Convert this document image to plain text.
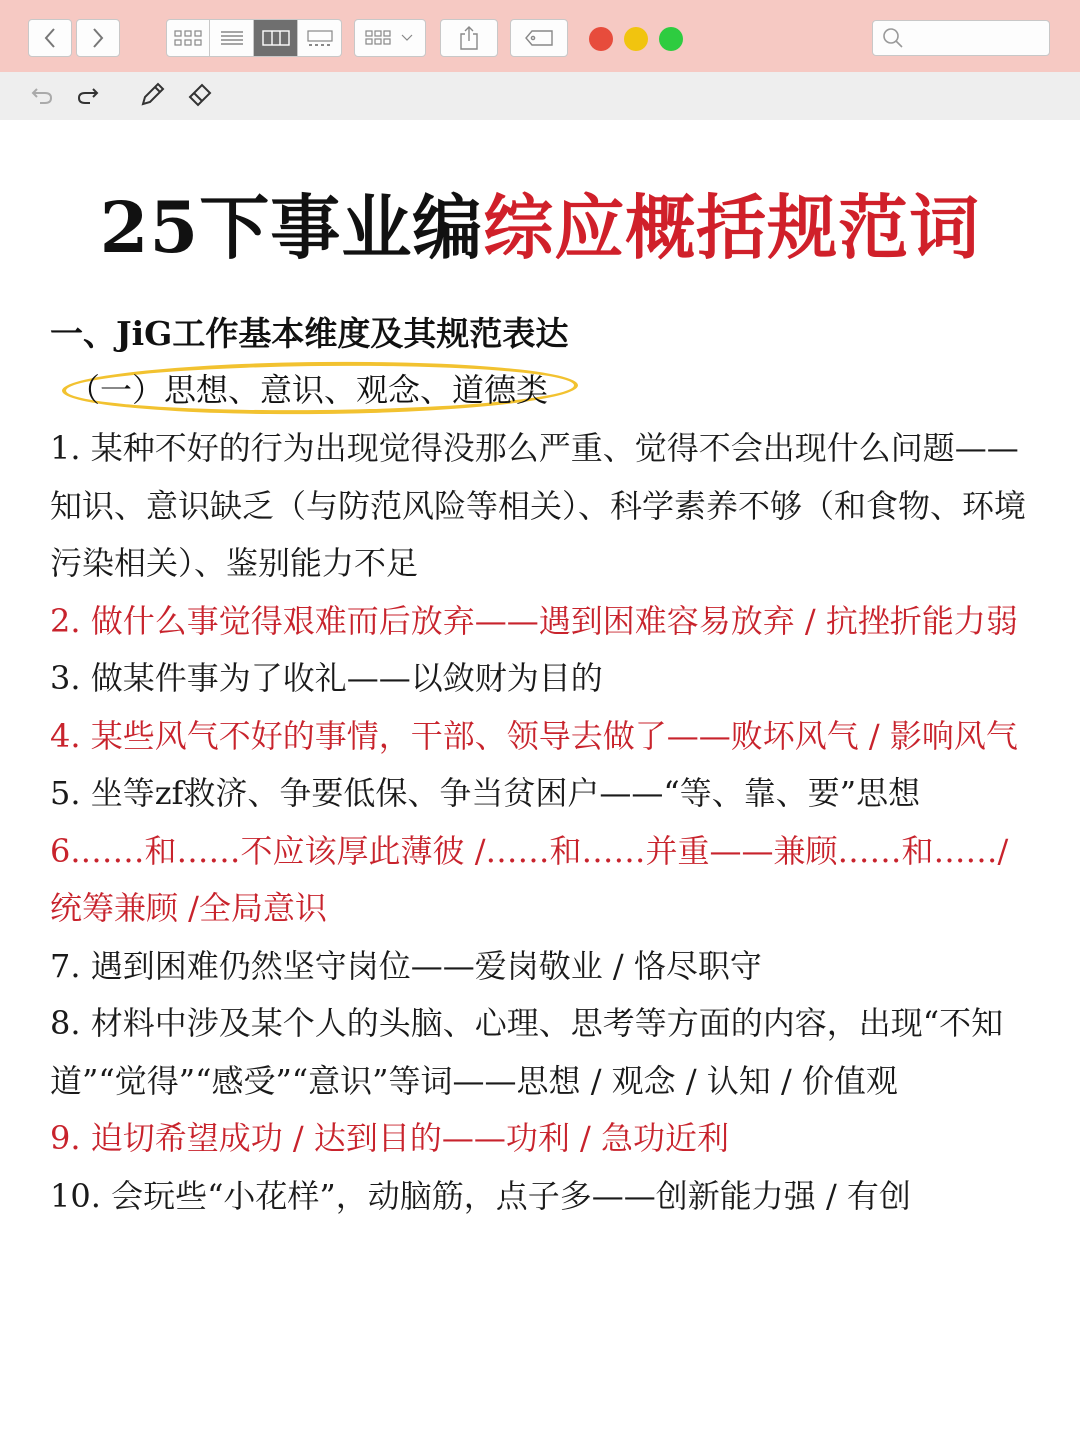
25下事业编综应概括规范词
一、JiG工作基本维度及其规范表达
（一）思想、意识、观念、道德类

1. 某种不好的行为出现觉得没那么严重、觉得不会出现什么问题——知识、意识缺乏（与防范风险等相关）、科学素养不够（和食物、环境污染相关）、鉴别能力不足

2. 做什么事觉得艰难而后放弃——遇到困难容易放弃 / 抗挫折能力弱

3. 做某件事为了收礼——以敛财为目的

4. 某些风气不好的事情，干部、领导去做了——败坏风气 / 影响风气

5. 坐等zf救济、争要低保、争当贫困户——“等、靠、要”思想

6.……和……不应该厚此薄彼 /……和……并重——兼顾……和……/ 统筹兼顾 /全局意识

7. 遇到困难仍然坚守岗位——爱岗敬业 / 恪尽职守

8. 材料中涉及某个人的头脑、心理、思考等方面的内容，出现“不知道”“觉得”“感受”“意识”等词——思想 / 观念 / 认知 / 价值观

9. 迫切希望成功 / 达到目的——功利 / 急功近利

10. 会玩些“小花样”，动脑筋，点子多——创新能力强 / 有创
